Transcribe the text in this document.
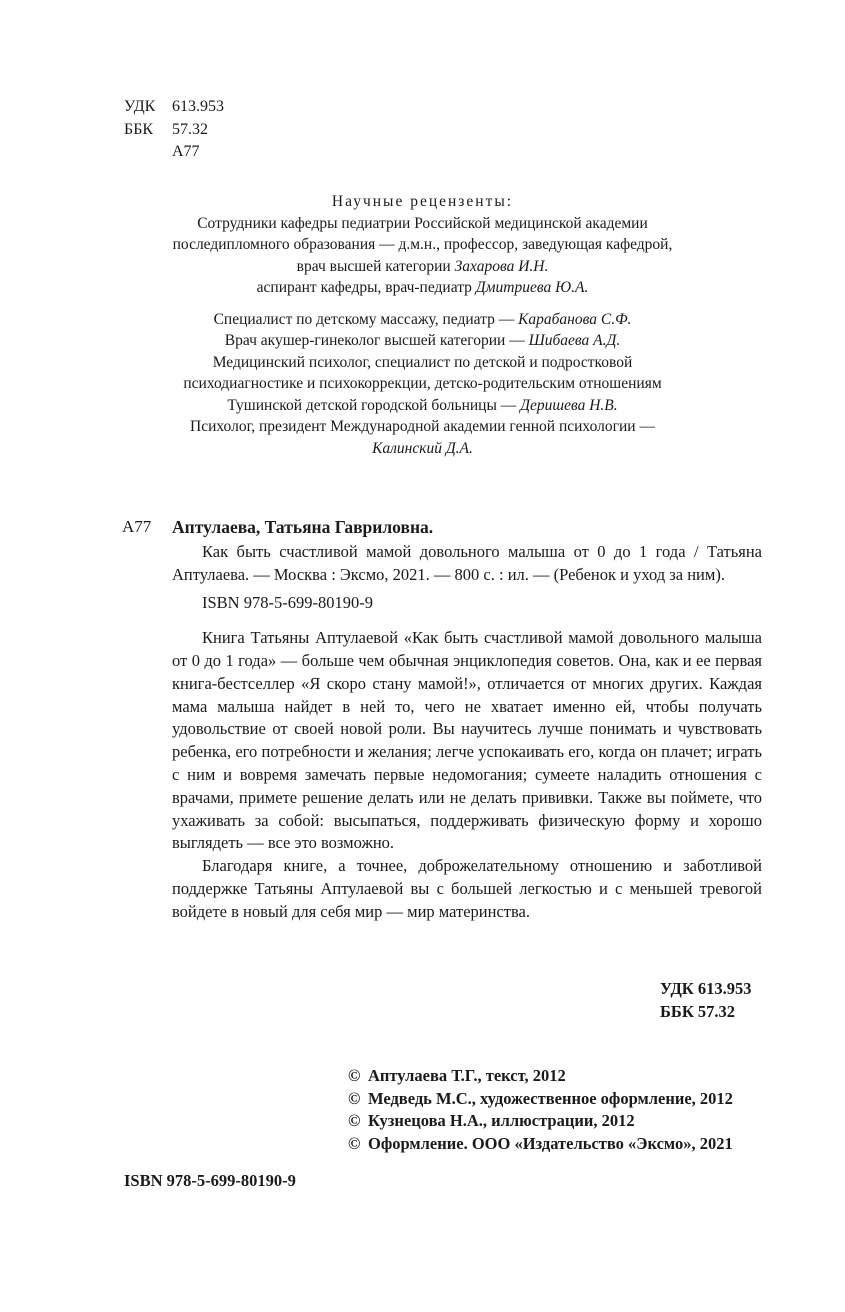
УДК	613.953
ББК	57.32
А77
Научные рецензенты:
Сотрудники кафедры педиатрии Российской медицинской академии
последипломного образования — д.м.н., профессор, заведующая кафедрой,
врач высшей категории Захарова И.Н.
аспирант кафедры, врач-педиатр Дмитриева Ю.А.
Специалист по детскому массажу, педиатр — Карабанова С.Ф.
Врач акушер-гинеколог высшей категории — Шибаева А.Д.
Медицинский психолог, специалист по детской и подростковой
психодиагностике и психокоррекции, детско-родительским отношениям
Тушинской детской городской больницы — Деришева Н.В.
Психолог, президент Международной академии генной психологии —
Калинский Д.А.
А77 Аптулаева, Татьяна Гавриловна.

Как быть счастливой мамой довольного малыша от 0 до 1 года / Татьяна Аптулаева. — Москва : Эксмо, 2021. — 800 с. : ил. — (Ребенок и уход за ним).

ISBN 978-5-699-80190-9

Книга Татьяны Аптулаевой «Как быть счастливой мамой довольного малыша от 0 до 1 года» — больше чем обычная энциклопедия советов. Она, как и ее первая книга-бестселлер «Я скоро стану мамой!», отличается от многих других. Каждая мама малыша найдет в ней то, чего не хватает именно ей, чтобы получать удовольствие от своей новой роли. Вы научитесь лучше понимать и чувствовать ребенка, его потребности и желания; легче успокаивать его, когда он плачет; играть с ним и вовремя замечать первые недомогания; сумеете наладить отношения с врачами, примете решение делать или не делать прививки. Также вы поймете, что ухаживать за собой: высыпаться, поддерживать физическую форму и хорошо выглядеть — все это возможно.

Благодаря книге, а точнее, доброжелательному отношению и заботливой поддержке Татьяны Аптулаевой вы с большей легкостью и с меньшей тревогой войдете в новый для себя мир — мир материнства.

УДК 613.953
ББК 57.32
© Аптулаева Т.Г., текст, 2012
© Медведь М.С., художественное оформление, 2012
© Кузнецова Н.А., иллюстрации, 2012
© Оформление. ООО «Издательство «Эксмо», 2021
ISBN 978-5-699-80190-9
